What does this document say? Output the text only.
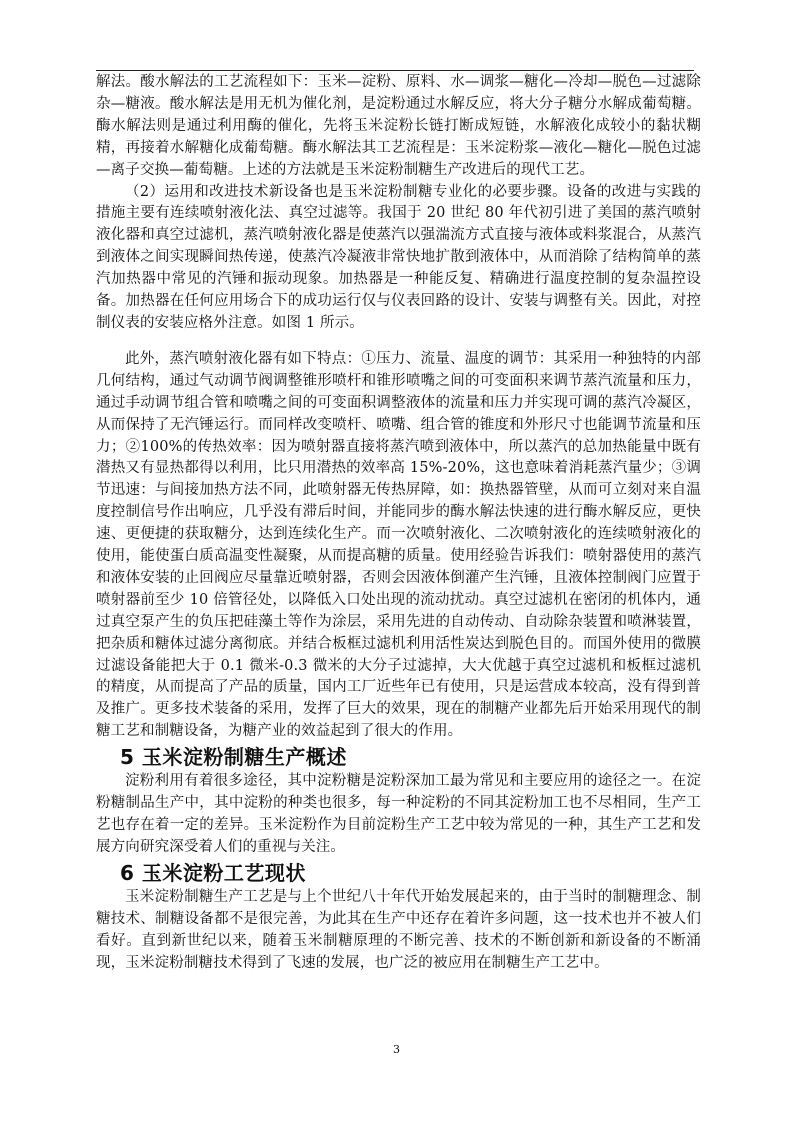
解法。酸水解法的工艺流程如下：玉米—淀粉、原料、水—调浆—糖化—冷却—脱色—过滤除杂—糖液。酸水解法是用无机为催化剂，是淀粉通过水解反应，将大分子糖分水解成葡萄糖。酶水解法则是通过利用酶的催化，先将玉米淀粉长链打断成短链，水解液化成较小的黏状糊精，再接着水解糖化成葡萄糖。酶水解法其工艺流程是：玉米淀粉浆—液化—糖化—脱色过滤—离子交换—葡萄糖。上述的方法就是玉米淀粉制糖生产改进后的现代工艺。

（2）运用和改进技术新设备也是玉米淀粉制糖专业化的必要步骤。设备的改进与实践的措施主要有连续喷射液化法、真空过滤等。我国于 20 世纪 80 年代初引进了美国的蒸汽喷射液化器和真空过滤机，蒸汽喷射液化器是使蒸汽以强湍流方式直接与液体或料浆混合，从蒸汽到液体之间实现瞬间热传递，使蒸汽冷凝液非常快地扩散到液体中，从而消除了结构简单的蒸汽加热器中常见的汽锤和振动现象。加热器是一种能反复、精确进行温度控制的复杂温控设备。加热器在任何应用场合下的成功运行仅与仪表回路的设计、安装与调整有关。因此，对控制仪表的安装应格外注意。如图 1 所示。

此外，蒸汽喷射液化器有如下特点：①压力、流量、温度的调节：其采用一种独特的内部几何结构，通过气动调节阀调整锥形喷杆和锥形喷嘴之间的可变面积来调节蒸汽流量和压力，通过手动调节组合管和喷嘴之间的可变面积调整液体的流量和压力并实现可调的蒸汽冷凝区，从而保持了无汽锤运行。而同样改变喷杆、喷嘴、组合管的锥度和外形尺寸也能调节流量和压力；②100%的传热效率：因为喷射器直接将蒸汽喷到液体中，所以蒸汽的总加热能量中既有潜热又有显热都得以利用，比只用潜热的效率高 15%-20%，这也意味着消耗蒸汽量少；③调节迅速：与间接加热方法不同，此喷射器无传热屏障，如：换热器管壁，从而可立刻对来自温度控制信号作出响应，几乎没有滞后时间，并能同步的酶水解法快速的进行酶水解反应，更快速、更便捷的获取糖分，达到连续化生产。而一次喷射液化、二次喷射液化的连续喷射液化的使用，能使蛋白质高温变性凝聚，从而提高糖的质量。使用经验告诉我们：喷射器使用的蒸汽和液体安装的止回阀应尽量靠近喷射器，否则会因液体倒灌产生汽锤，且液体控制阀门应置于喷射器前至少 10 倍管径处，以降低入口处出现的流动扰动。真空过滤机在密闭的机体内，通过真空泵产生的负压把硅藻土等作为涂层，采用先进的自动传动、自动除杂装置和喷淋装置，把杂质和糖体过滤分离彻底。并结合板框过滤机利用活性炭达到脱色目的。而国外使用的微膜过滤设备能把大于 0.1 微米-0.3 微米的大分子过滤掉，大大优越于真空过滤机和板框过滤机的精度，从而提高了产品的质量，国内工厂近些年已有使用，只是运营成本较高，没有得到普及推广。更多技术装备的采用，发挥了巨大的效果，现在的制糖产业都先后开始采用现代的制糖工艺和制糖设备，为糖产业的效益起到了很大的作用。

5 玉米淀粉制糖生产概述

淀粉利用有着很多途径，其中淀粉糖是淀粉深加工最为常见和主要应用的途径之一。在淀粉糖制品生产中，其中淀粉的种类也很多，每一种淀粉的不同其淀粉加工也不尽相同，生产工艺也存在着一定的差异。玉米淀粉作为目前淀粉生产工艺中较为常见的一种，其生产工艺和发展方向研究深受着人们的重视与关注。

6 玉米淀粉工艺现状

玉米淀粉制糖生产工艺是与上个世纪八十年代开始发展起来的，由于当时的制糖理念、制糖技术、制糖设备都不是很完善，为此其在生产中还存在着许多问题，这一技术也并不被人们看好。直到新世纪以来，随着玉米制糖原理的不断完善、技术的不断创新和新设备的不断涌现，玉米淀粉制糖技术得到了飞速的发展，也广泛的被应用在制糖生产工艺中。

3
